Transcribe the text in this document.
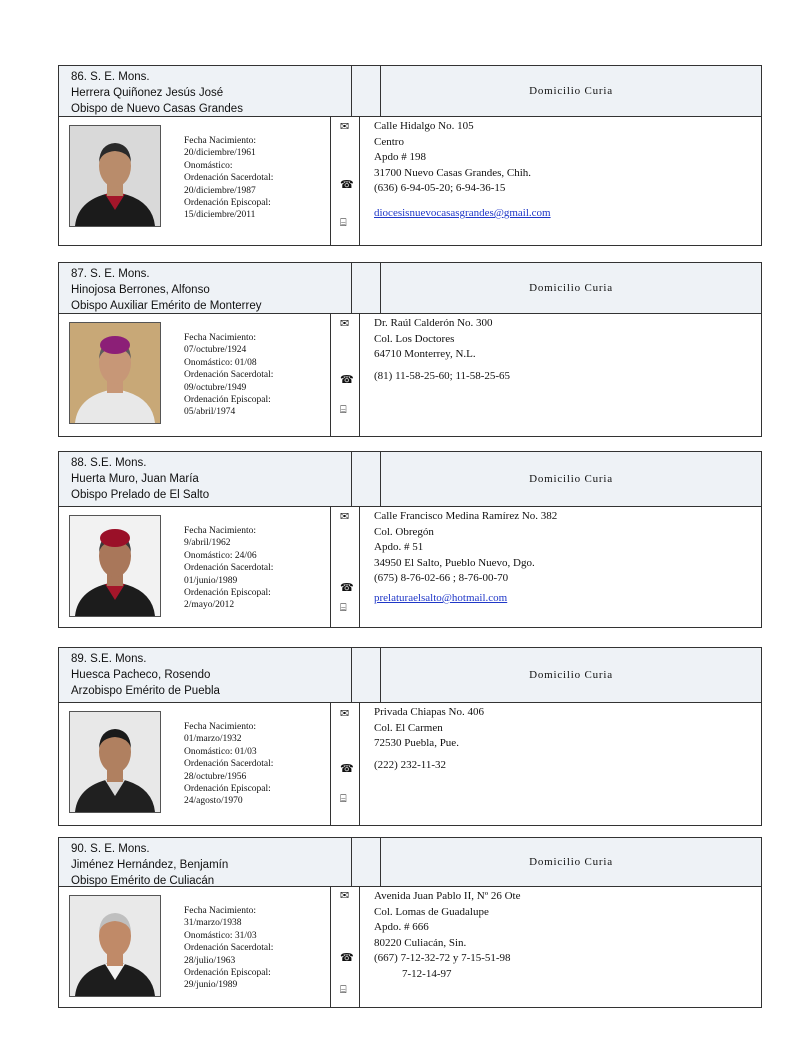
86. S. E. Mons.
Herrera Quiñonez Jesús José
Obispo de Nuevo Casas Grandes
Domicilio Curia
Fecha Nacimiento:
20/diciembre/1961
Onomástico:
Ordenación Sacerdotal:
20/diciembre/1987
Ordenación Episcopal:
15/diciembre/2011
✉
☎
⌸
Calle Hidalgo No. 105
Centro
Apdo # 198
31700 Nuevo Casas Grandes, Chih.
(636) 6-94-05-20; 6-94-36-15
diocesisnuevocasasgrandes@gmail.com
87. S. E. Mons.
Hinojosa Berrones, Alfonso
Obispo Auxiliar Emérito de Monterrey
Domicilio Curia
Fecha Nacimiento:
07/octubre/1924
Onomástico: 01/08
Ordenación Sacerdotal:
09/octubre/1949
Ordenación Episcopal:
05/abril/1974
✉
☎
⌸
Dr. Raúl Calderón No. 300
Col. Los Doctores
64710 Monterrey, N.L.
(81) 11-58-25-60; 11-58-25-65
88. S.E. Mons.
Huerta Muro, Juan María
Obispo Prelado de El Salto
Domicilio Curia
Fecha Nacimiento:
9/abril/1962
Onomástico: 24/06
Ordenación Sacerdotal:
01/junio/1989
Ordenación Episcopal:
2/mayo/2012
✉
☎
⌸
Calle Francisco Medina Ramírez No. 382
Col. Obregón
Apdo. # 51
34950 El Salto, Pueblo Nuevo, Dgo.
(675) 8-76-02-66 ; 8-76-00-70
prelaturaelsalto@hotmail.com
89. S.E. Mons.
Huesca Pacheco, Rosendo
Arzobispo Emérito de Puebla
Domicilio Curia
Fecha Nacimiento:
01/marzo/1932
Onomástico: 01/03
Ordenación Sacerdotal:
28/octubre/1956
Ordenación Episcopal:
24/agosto/1970
✉
☎
⌸
Privada Chiapas No. 406
Col. El Carmen
72530 Puebla, Pue.
(222) 232-11-32
90. S. E. Mons.
Jiménez Hernández, Benjamín
Obispo Emérito de Culiacán
Domicilio Curia
Fecha Nacimiento:
31/marzo/1938
Onomástico: 31/03
Ordenación Sacerdotal:
28/julio/1963
Ordenación Episcopal:
29/junio/1989
✉
☎
⌸
Avenida Juan Pablo II, Nº 26 Ote
Col. Lomas de Guadalupe
Apdo. # 666
80220 Culiacán, Sin.
(667) 7-12-32-72 y 7-15-51-98
7-12-14-97
